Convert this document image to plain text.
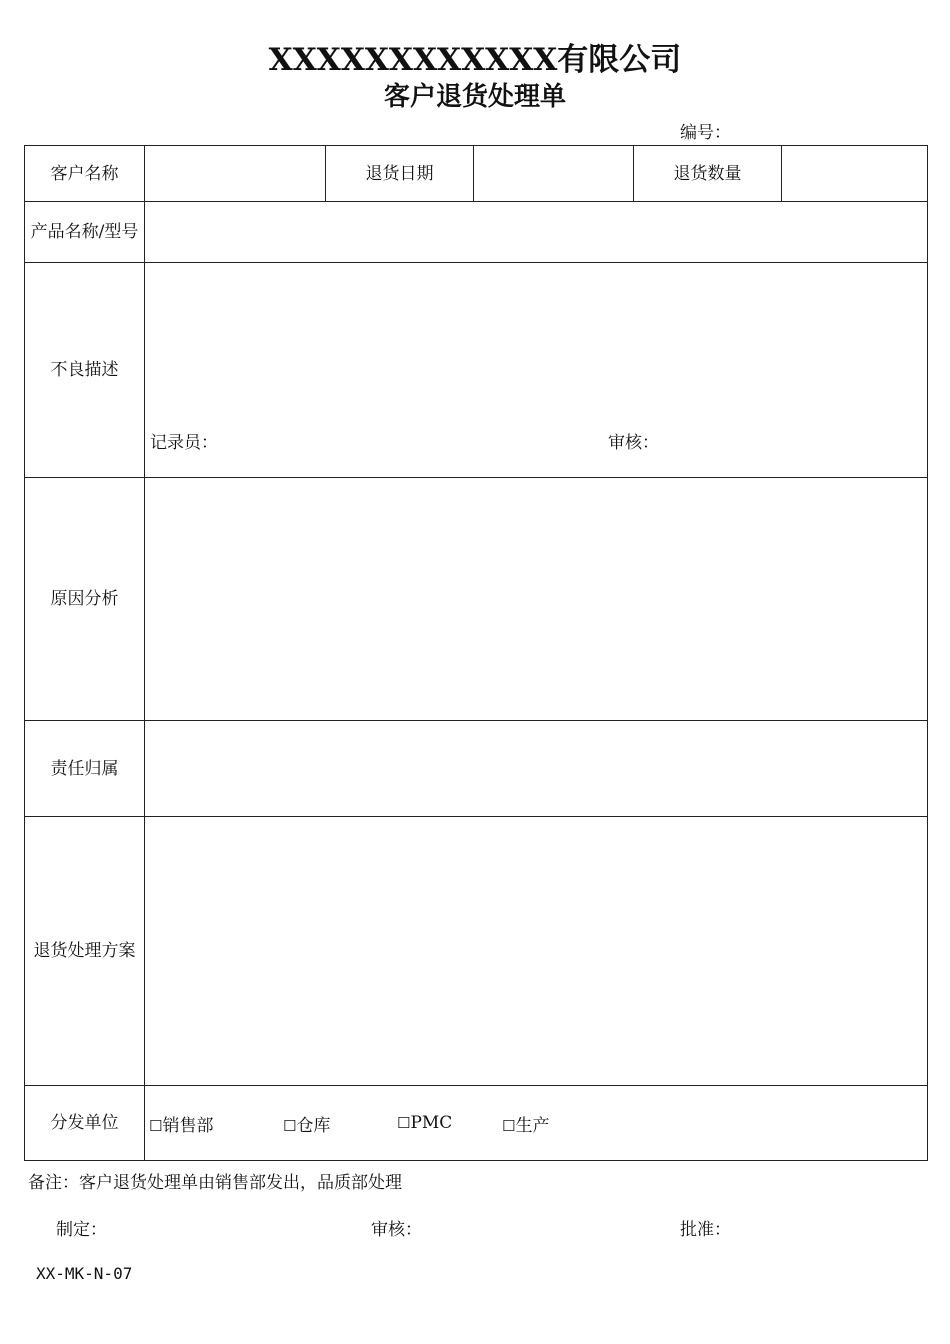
XXXXXXXXXXXX有限公司
客户退货处理单
编号：
客户名称		退货日期		退货数量	
产品名称/型号					
不良描述	记录员： 审核：				

原因分析					
责任归属					
退货处理方案					
分发单位	☐销售部 ☐仓库 ☐PMC ☐生产				
备注：客户退货处理单由销售部发出，品质部处理
制定：	审核：	批准：
XX-MK-N-07
